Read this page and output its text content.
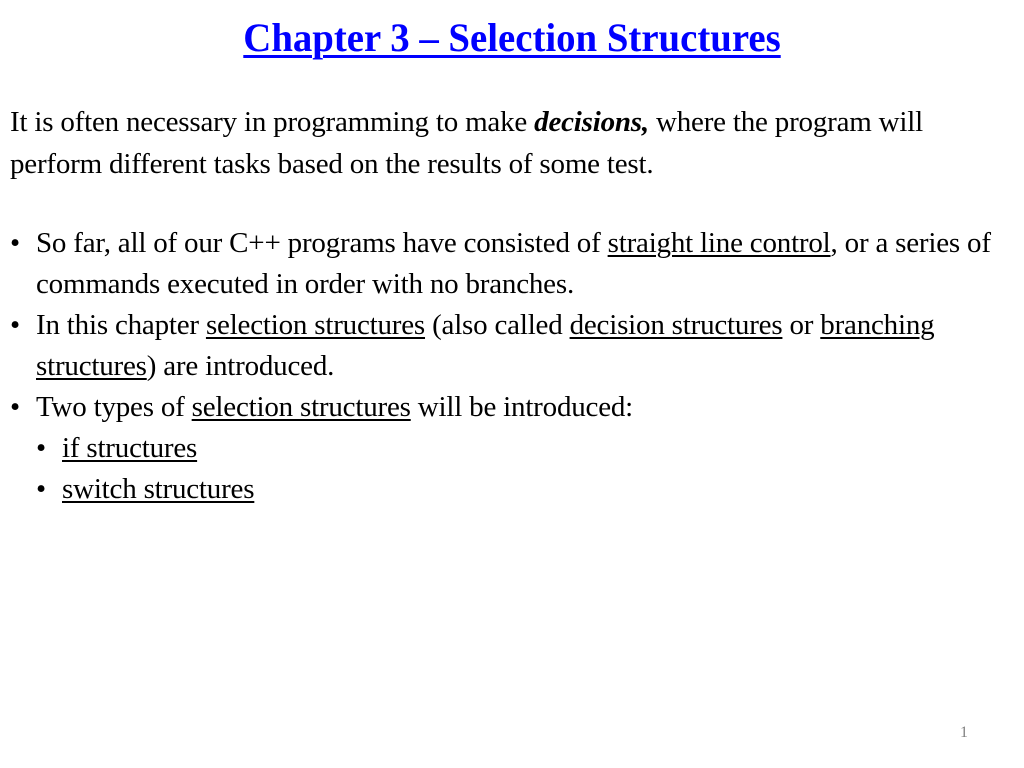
Chapter 3 – Selection Structures

It is often necessary in programming to make decisions, where the program will perform different tasks based on the results of some test.

• So far, all of our C++ programs have consisted of straight line control, or a series of commands executed in order with no branches.
• In this chapter selection structures (also called decision structures or branching structures) are introduced.
• Two types of selection structures will be introduced:
• if structures
• switch structures
1
